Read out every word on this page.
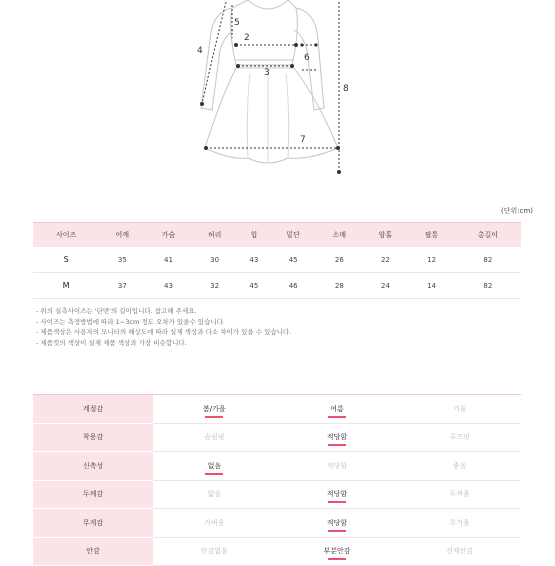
5
2
4
6
3
8
7
(단위:cm)
사이즈	어깨	가슴	허리	힙	밑단	소매	암홀	팔통	총길이
S	35	41	30	43	45	26	22	12	82
M	37	43	32	45	46	28	24	14	82
- 위의 실측사이즈는 '단면'의 길이입니다. 참고해 주세요.
- 사이즈는 측정방법에 따라 1~3cm 정도 오차가 있을수 있습니다.
- 제품색상은 사용자의 모니터의 해상도에 따라 실제 색상과 다소 차이가 있을 수 있습니다.
- 제품컷의 색상이 실제 제품 색상과 가장 비슷합니다.
계절감	봄/가을	여름	겨울
착용감	슬림핏	적당함	루즈핏
신축성	없음	적당함	좋음
두께감	얇음	적당함	두꺼움
무게감	가벼움	적당함	무거움
안감	안감없음	부분안감	전체안감
